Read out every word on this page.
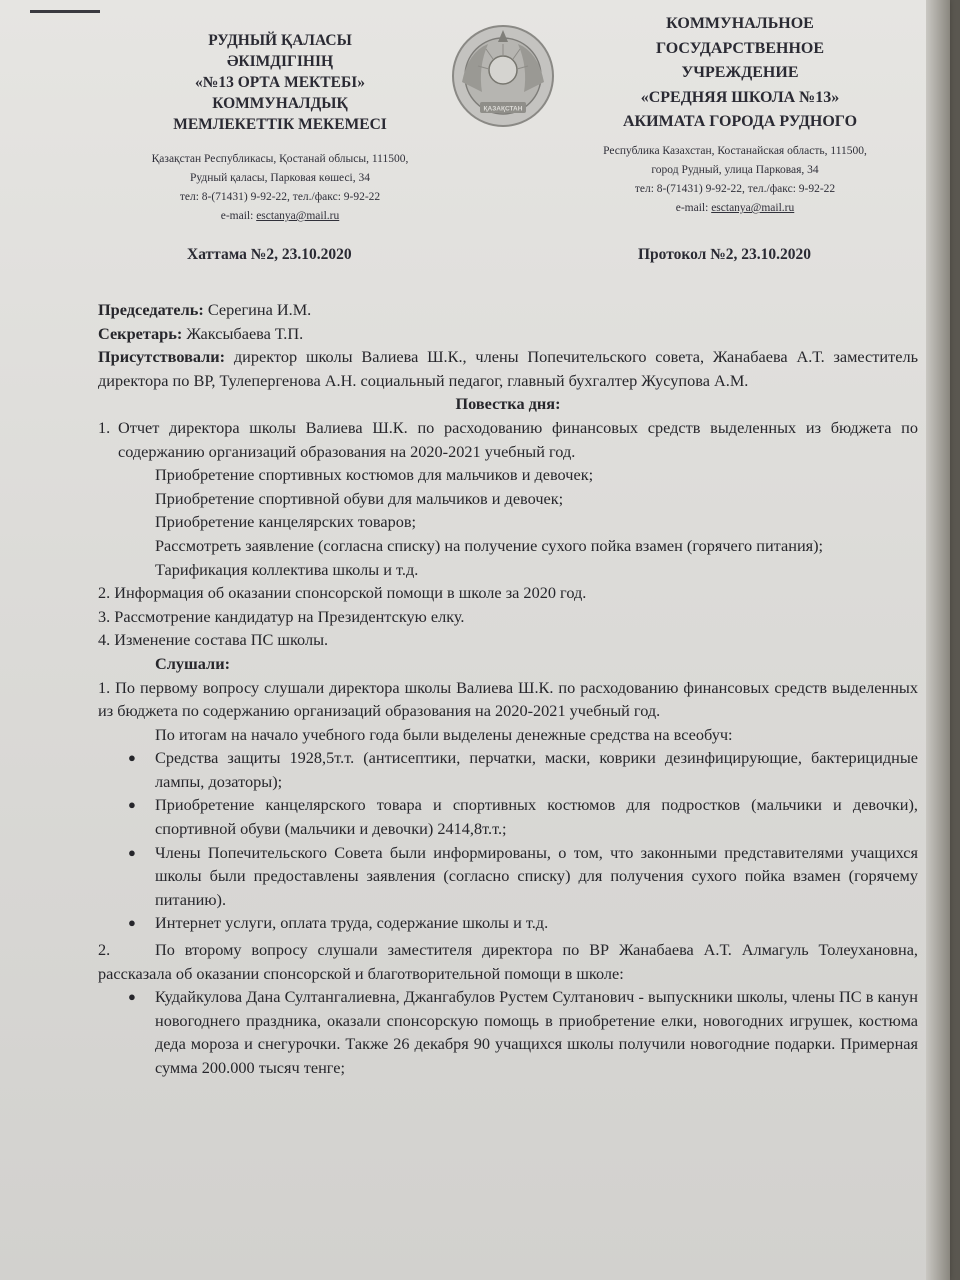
РУДНЫЙ ҚАЛАСЫ
ӘКІМДІГІНІҢ
«№13 ОРТА МЕКТЕБІ»
КОММУНАЛДЫҚ
МЕМЛЕКЕТТІК МЕКЕМЕСІ
ҚАЗАҚСТАН
КОММУНАЛЬНОЕ
ГОСУДАРСТВЕННОЕ
УЧРЕЖДЕНИЕ
«СРЕДНЯЯ ШКОЛА №13»
АКИМАТА ГОРОДА РУДНОГО
Қазақстан Республикасы, Қостанай облысы, 111500,
Рудный қаласы, Парковая көшесі, 34
тел: 8-(71431) 9-92-22, тел./факс: 9-92-22
e-mail: esctanya@mail.ru
Республика Казахстан, Костанайская область, 111500,
город Рудный, улица Парковая, 34
тел: 8-(71431) 9-92-22, тел./факс: 9-92-22
e-mail: esctanya@mail.ru
Хаттама №2, 23.10.2020	Протокол №2, 23.10.2020

Председатель: Серегина И.М.

Секретарь: Жаксыбаева Т.П.

Присутствовали: директор школы Валиева Ш.К., члены Попечительского совета, Жанабаева А.Т. заместитель директора по ВР, Тулепергенова А.Н. социальный педагог, главный бухгалтер Жусупова А.М.

Повестка дня:

1. Отчет директора школы Валиева Ш.К. по расходованию финансовых средств выделенных из бюджета по содержанию организаций образования на 2020-2021 учебный год.

Приобретение спортивных костюмов для мальчиков и девочек;

Приобретение спортивной обуви для мальчиков и девочек;

Приобретение канцелярских товаров;

Рассмотреть заявление (согласна списку) на получение сухого пойка взамен (горячего питания);

Тарификация коллектива школы и т.д.

2. Информация об оказании спонсорской помощи в школе за 2020 год.

3. Рассмотрение кандидатур на Президентскую елку.

4. Изменение состава ПС школы.

Слушали:

1. По первому вопросу слушали директора школы Валиева Ш.К. по расходованию финансовых средств выделенных из бюджета по содержанию организаций образования на 2020-2021 учебный год.

По итогам на начало учебного года были выделены денежные средства на всеобуч:

●	Средства защиты 1928,5т.т. (антисептики, перчатки, маски, коврики дезинфицирующие, бактерицидные лампы, дозаторы);
●	Приобретение канцелярского товара и спортивных костюмов для подростков (мальчики и девочки), спортивной обуви (мальчики и девочки) 2414,8т.т.;
●	Члены Попечительского Совета были информированы, о том, что законными представителями учащихся школы были предоставлены заявления (согласно списку) для получения сухого пойка взамен (горячему питанию).
●	Интернет услуги, оплата труда, содержание школы и т.д.
2.	По второму вопросу слушали заместителя директора по ВР Жанабаева А.Т. Алмагуль Толеухановна, рассказала об оказании спонсорской и благотворительной помощи в школе:

●	Кудайкулова Дана Султангалиевна, Джангабулов Рустем Султанович - выпускники школы, члены ПС в канун новогоднего праздника, оказали спонсорскую помощь в приобретение елки, новогодних игрушек, костюма деда мороза и снегурочки. Также 26 декабря 90 учащихся школы получили новогодние подарки. Примерная сумма 200.000 тысяч тенге;
